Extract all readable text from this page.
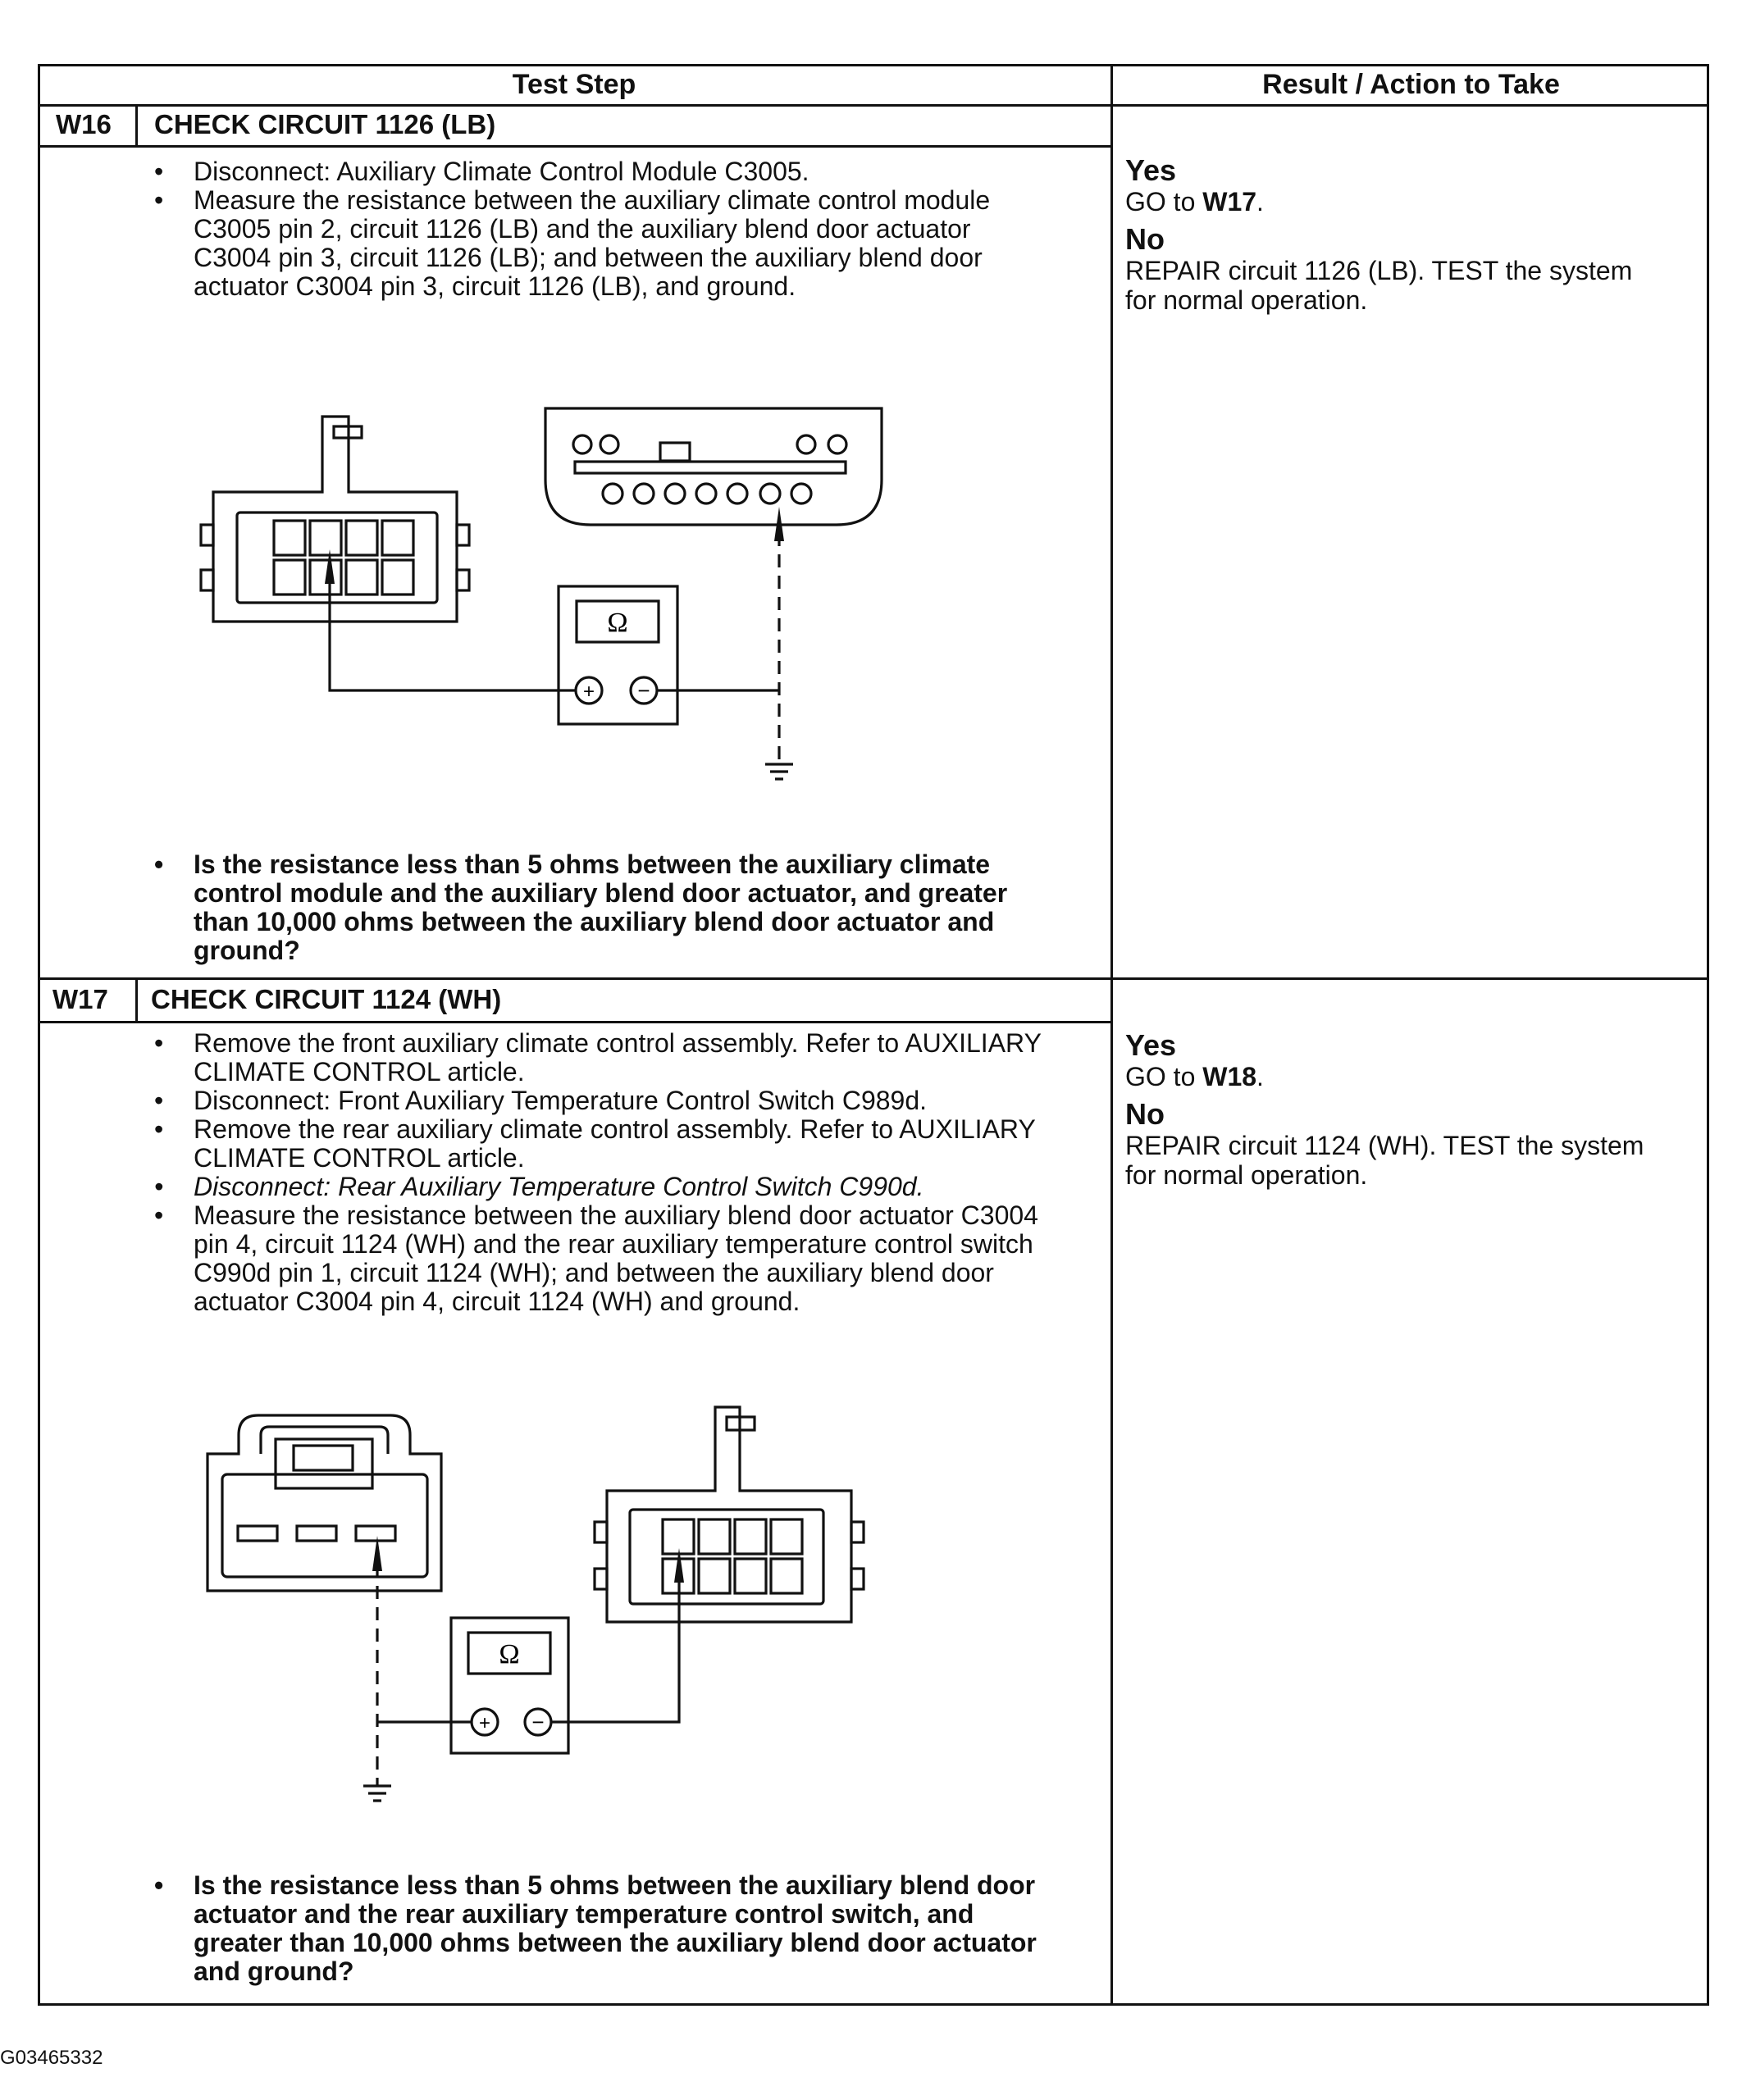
Test Step	Result / Action to Take
W16 CHECK CIRCUIT 1126 (LB)
• Disconnect: Auxiliary Climate Control Module C3005.
• Measure the resistance between the auxiliary climate control module C3005 pin 2, circuit 1126 (LB) and the auxiliary blend door actuator C3004 pin 3, circuit 1126 (LB); and between the auxiliary blend door actuator C3004 pin 3, circuit 1126 (LB), and ground.
Ω
+ −
• Is the resistance less than 5 ohms between the auxiliary climate control module and the auxiliary blend door actuator, and greater than 10,000 ohms between the auxiliary blend door actuator and ground?
Yes
GO to W17.
No
REPAIR circuit 1126 (LB). TEST the system for normal operation.
W17 CHECK CIRCUIT 1124 (WH)
• Remove the front auxiliary climate control assembly. Refer to AUXILIARY CLIMATE CONTROL article.
• Disconnect: Front Auxiliary Temperature Control Switch C989d.
• Remove the rear auxiliary climate control assembly. Refer to AUXILIARY CLIMATE CONTROL article.
• Disconnect: Rear Auxiliary Temperature Control Switch C990d.
• Measure the resistance between the auxiliary blend door actuator C3004 pin 4, circuit 1124 (WH) and the rear auxiliary temperature control switch C990d pin 1, circuit 1124 (WH); and between the auxiliary blend door actuator C3004 pin 4, circuit 1124 (WH) and ground.
Ω
+ −
• Is the resistance less than 5 ohms between the auxiliary blend door actuator and the rear auxiliary temperature control switch, and greater than 10,000 ohms between the auxiliary blend door actuator and ground?
Yes
GO to W18.
No
REPAIR circuit 1124 (WH). TEST the system for normal operation.
G03465332
